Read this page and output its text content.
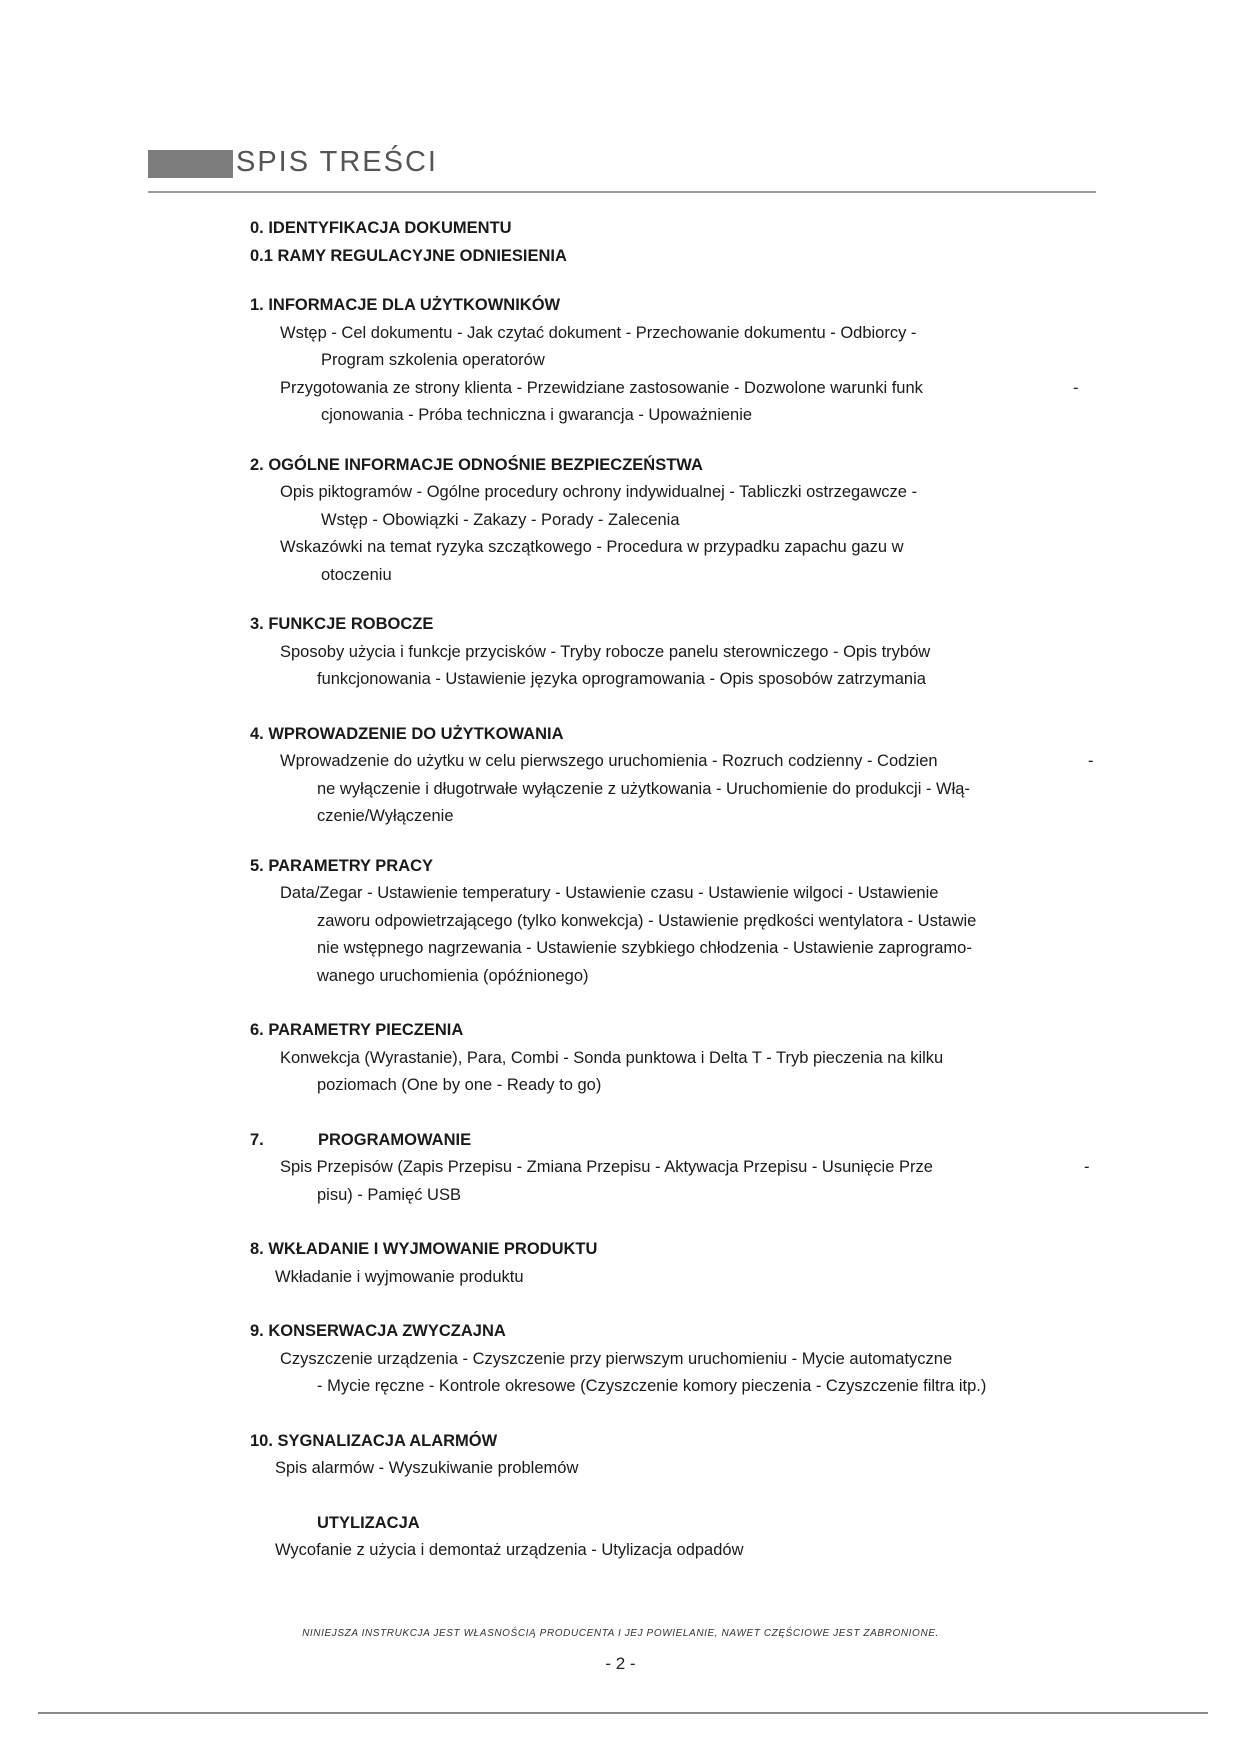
SPIS TREŚCI
0. IDENTYFIKACJA DOKUMENTU
0.1 RAMY REGULACYJNE ODNIESIENIA
1. INFORMACJE DLA UŻYTKOWNIKÓW
Wstęp - Cel dokumentu - Jak czytać dokument - Przechowanie dokumentu - Odbiorcy -
Program szkolenia operatorów
Przygotowania ze strony klienta - Przewidziane zastosowanie - Dozwolone warunki funk	-
cjonowania - Próba techniczna i gwarancja - Upoważnienie
2. OGÓLNE INFORMACJE ODNOŚNIE BEZPIECZEŃSTWA
Opis piktogramów - Ogólne procedury ochrony indywidualnej - Tabliczki ostrzegawcze -
Wstęp - Obowiązki - Zakazy - Porady - Zalecenia
Wskazówki na temat ryzyka szczątkowego - Procedura w przypadku zapachu gazu w
otoczeniu
3. FUNKCJE ROBOCZE
Sposoby użycia i funkcje przycisków - Tryby robocze panelu sterowniczego - Opis trybów
funkcjonowania - Ustawienie języka oprogramowania - Opis sposobów zatrzymania
4. WPROWADZENIE DO UŻYTKOWANIA
Wprowadzenie do użytku w celu pierwszego uruchomienia - Rozruch codzienny - Codzien	-
ne wyłączenie i długotrwałe wyłączenie z użytkowania - Uruchomienie do produkcji - Włą-
czenie/Wyłączenie
5. PARAMETRY PRACY
Data/Zegar - Ustawienie temperatury - Ustawienie czasu - Ustawienie wilgoci - Ustawienie
zaworu odpowietrzającego (tylko konwekcja) - Ustawienie prędkości wentylatora - Ustawie
nie wstępnego nagrzewania - Ustawienie szybkiego chłodzenia - Ustawienie zaprogramo-
wanego uruchomienia (opóźnionego)
6. PARAMETRY PIECZENIA
Konwekcja (Wyrastanie), Para, Combi - Sonda punktowa i Delta T - Tryb pieczenia na kilku
poziomach (One by one - Ready to go)
7.	PROGRAMOWANIE
Spis Przepisów (Zapis Przepisu - Zmiana Przepisu - Aktywacja Przepisu - Usunięcie Prze	-
pisu) - Pamięć USB
8. WKŁADANIE I WYJMOWANIE PRODUKTU
Wkładanie i wyjmowanie produktu
9. KONSERWACJA ZWYCZAJNA
Czyszczenie urządzenia - Czyszczenie przy pierwszym uruchomieniu - Mycie automatyczne
- Mycie ręczne - Kontrole okresowe (Czyszczenie komory pieczenia - Czyszczenie filtra itp.)
10. SYGNALIZACJA ALARMÓW
Spis alarmów - Wyszukiwanie problemów
UTYLIZACJA
Wycofanie z użycia i demontaż urządzenia - Utylizacja odpadów
NINIEJSZA INSTRUKCJA JEST WŁASNOŚCIĄ PRODUCENTA I JEJ POWIELANIE, NAWET CZĘŚCIOWE JEST ZABRONIONE.
- 2 -
